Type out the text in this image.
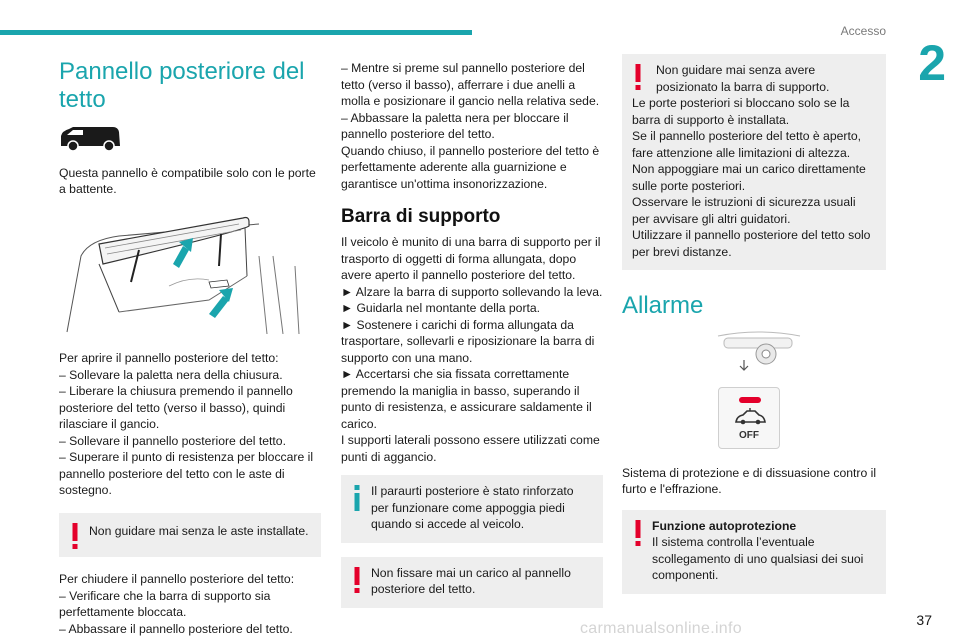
Accesso
2
Pannello posteriore del tetto

Questa pannello è compatibile solo con le porte a battente.

Per aprire il pannello posteriore del tetto:
– Sollevare la paletta nera della chiusura.
– Liberare la chiusura premendo il pannello posteriore del tetto (verso il basso), quindi rilasciare il gancio.
– Sollevare il pannello posteriore del tetto.
– Superare il punto di resistenza per bloccare il pannello posteriore del tetto con le aste di sostegno.

Non guidare mai senza le aste installate.

Per chiudere il pannello posteriore del tetto:
– Verificare che la barra di supporto sia perfettamente bloccata.
– Abbassare il pannello posteriore del tetto.
– Mentre si preme sul pannello posteriore del tetto (verso il basso), afferrare i due anelli a molla e posizionare il gancio nella relativa sede.
– Abbassare la paletta nera per bloccare il pannello posteriore del tetto.
Quando chiuso, il pannello posteriore del tetto è perfettamente aderente alla guarnizione e garantisce un'ottima insonorizzazione.
Barra di supporto
Il veicolo è munito di una barra di supporto per il trasporto di oggetti di forma allungata, dopo avere aperto il pannello posteriore del tetto.
► Alzare la barra di supporto sollevando la leva.
► Guidarla nel montante della porta.
► Sostenere i carichi di forma allungata da trasportare, sollevarli e riposizionare la barra di supporto con una mano.
► Accertarsi che sia fissata correttamente premendo la maniglia in basso, superando il punto di resistenza, e assicurare saldamente il carico.
I supporti laterali possono essere utilizzati come punti di aggancio.

Il paraurti posteriore è stato rinforzato per funzionare come appoggia piedi quando si accede al veicolo.

Non fissare mai un carico al pannello posteriore del tetto.

Non guidare mai senza avere posizionato la barra di supporto.
Le porte posteriori si bloccano solo se la barra di supporto è installata.
Se il pannello posteriore del tetto è aperto, fare attenzione alle limitazioni di altezza.
Non appoggiare mai un carico direttamente sulle porte posteriori.
Osservare le istruzioni di sicurezza usuali per avvisare gli altri guidatori.
Utilizzare il pannello posteriore del tetto solo per brevi distanze.
Allarme
OFF

Sistema di protezione e di dissuasione contro il furto e l'effrazione.

Funzione autoprotezione
Il sistema controlla l’eventuale scollegamento di uno qualsiasi dei suoi componenti.
carmanualsonline.info	37
